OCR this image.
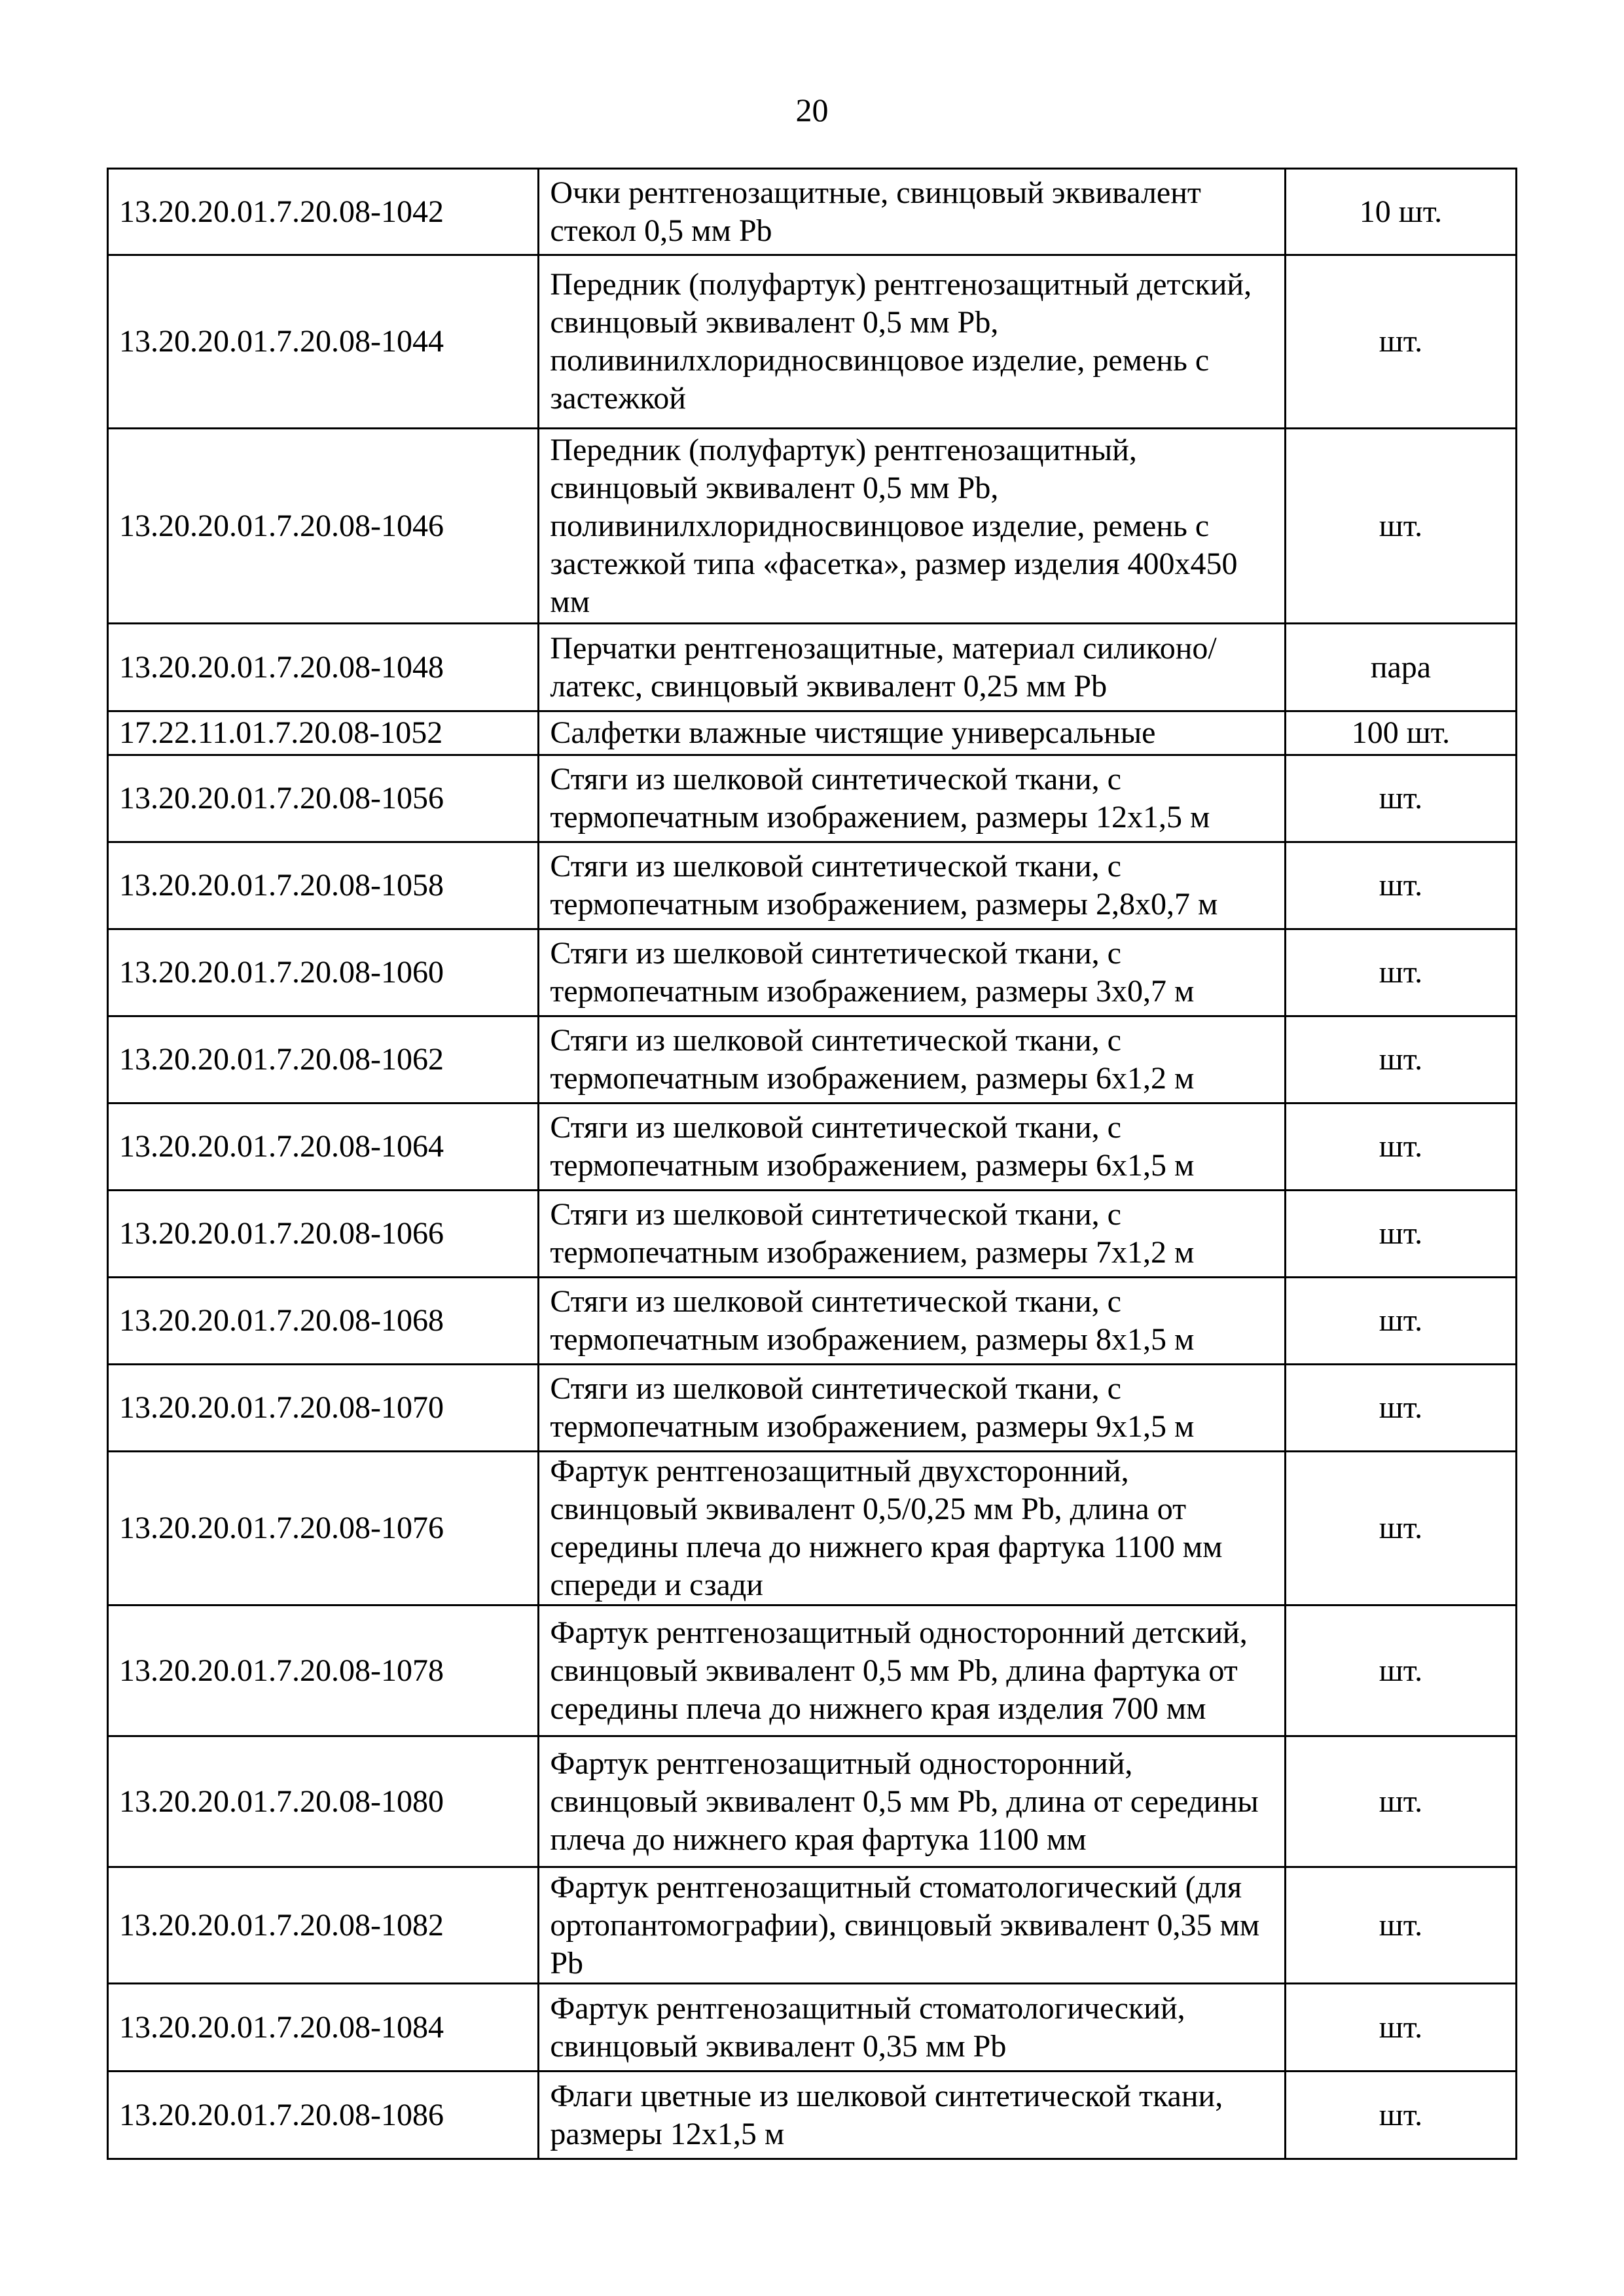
20
13.20.20.01.7.20.08-1042	Очки рентгенозащитные, свинцовый эквивалент стекол 0,5 мм Pb	10 шт.
13.20.20.01.7.20.08-1044	Передник (полуфартук) рентгенозащитный детский, свинцовый эквивалент 0,5 мм Pb, поливинилхлоридносвинцовое изделие, ремень с застежкой	шт.
13.20.20.01.7.20.08-1046	Передник (полуфартук) рентгенозащитный, свинцовый эквивалент 0,5 мм Pb, поливинилхлоридносвинцовое изделие, ремень с застежкой типа «фасетка», размер изделия 400x450 мм	шт.
13.20.20.01.7.20.08-1048	Перчатки рентгенозащитные, материал силиконо/латекс, свинцовый эквивалент 0,25 мм Pb	пара
17.22.11.01.7.20.08-1052	Салфетки влажные чистящие универсальные	100 шт.
13.20.20.01.7.20.08-1056	Стяги из шелковой синтетической ткани, с термопечатным изображением, размеры 12x1,5 м	шт.
13.20.20.01.7.20.08-1058	Стяги из шелковой синтетической ткани, с термопечатным изображением, размеры 2,8x0,7 м	шт.
13.20.20.01.7.20.08-1060	Стяги из шелковой синтетической ткани, с термопечатным изображением, размеры 3x0,7 м	шт.
13.20.20.01.7.20.08-1062	Стяги из шелковой синтетической ткани, с термопечатным изображением, размеры 6x1,2 м	шт.
13.20.20.01.7.20.08-1064	Стяги из шелковой синтетической ткани, с термопечатным изображением, размеры 6x1,5 м	шт.
13.20.20.01.7.20.08-1066	Стяги из шелковой синтетической ткани, с термопечатным изображением, размеры 7x1,2 м	шт.
13.20.20.01.7.20.08-1068	Стяги из шелковой синтетической ткани, с термопечатным изображением, размеры 8x1,5 м	шт.
13.20.20.01.7.20.08-1070	Стяги из шелковой синтетической ткани, с термопечатным изображением, размеры 9x1,5 м	шт.
13.20.20.01.7.20.08-1076	Фартук рентгенозащитный двухсторонний, свинцовый эквивалент 0,5/0,25 мм Pb, длина от середины плеча до нижнего края фартука 1100 мм спереди и сзади	шт.
13.20.20.01.7.20.08-1078	Фартук рентгенозащитный односторонний детский, свинцовый эквивалент 0,5 мм Pb, длина фартука от середины плеча до нижнего края изделия 700 мм	шт.
13.20.20.01.7.20.08-1080	Фартук рентгенозащитный односторонний, свинцовый эквивалент 0,5 мм Pb, длина от середины плеча до нижнего края фартука 1100 мм	шт.
13.20.20.01.7.20.08-1082	Фартук рентгенозащитный стоматологический (для ортопантомографии), свинцовый эквивалент 0,35 мм Pb	шт.
13.20.20.01.7.20.08-1084	Фартук рентгенозащитный стоматологический, свинцовый эквивалент 0,35 мм Pb	шт.
13.20.20.01.7.20.08-1086	Флаги цветные из шелковой синтетической ткани, размеры 12x1,5 м	шт.
